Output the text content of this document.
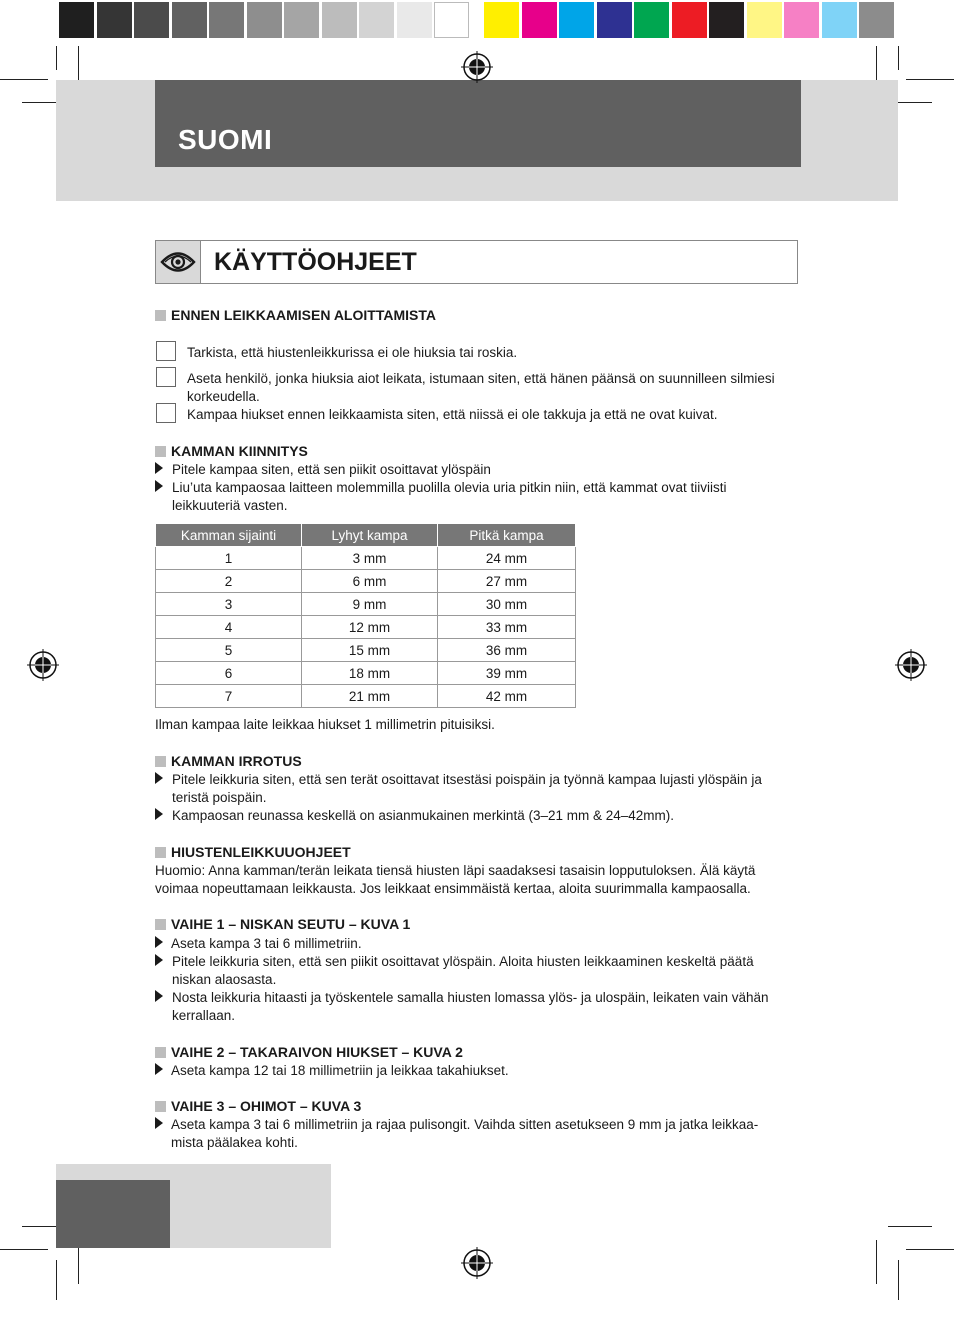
SUOMI
KÄYTTÖOHJEET
ENNEN LEIKKAAMISEN ALOITTAMISTA
Tarkista, että hiustenleikkurissa ei ole hiuksia tai roskia.
Aseta henkilö, jonka hiuksia aiot leikata, istumaan siten, että hänen päänsä on suunnilleen silmiesi
korkeudella.
Kampaa hiukset ennen leikkaamista siten, että niissä ei ole takkuja ja että ne ovat kuivat.
KAMMAN KIINNITYS
Pitele kampaa siten, että sen piikit osoittavat ylöspäin
Liu’uta kampaosaa laitteen molemmilla puolilla olevia uria pitkin niin, että kammat ovat tiiviisti
leikkuuteriä vasten.
Kamman sijainti	Lyhyt kampa	Pitkä kampa
1	3 mm	24 mm
2	6 mm	27 mm
3	9 mm	30 mm
4	12 mm	33 mm
5	15 mm	36 mm
6	18 mm	39 mm
7	21 mm	42 mm
Ilman kampaa laite leikkaa hiukset 1 millimetrin pituisiksi.
KAMMAN IRROTUS
Pitele leikkuria siten, että sen terät osoittavat itsestäsi poispäin ja työnnä kampaa lujasti ylöspäin ja
teristä poispäin.
Kampaosan reunassa keskellä on asianmukainen merkintä (3–21 mm & 24–42mm).
HIUSTENLEIKKUUOHJEET
Huomio: Anna kamman/terän leikata tiensä hiusten läpi saadaksesi tasaisin lopputuloksen. Älä käytä
voimaa nopeuttamaan leikkausta. Jos leikkaat ensimmäistä kertaa, aloita suurimmalla kampaosalla.
VAIHE 1 – NISKAN SEUTU – KUVA 1
Aseta kampa 3 tai 6 millimetriin.
Pitele leikkuria siten, että sen piikit osoittavat ylöspäin. Aloita hiusten leikkaaminen keskeltä päätä
niskan alaosasta.
Nosta leikkuria hitaasti ja työskentele samalla hiusten lomassa ylös- ja ulospäin, leikaten vain vähän
kerrallaan.
VAIHE 2 – TAKARAIVON HIUKSET – KUVA 2
Aseta kampa 12 tai 18 millimetriin ja leikkaa takahiukset.
VAIHE 3 – OHIMOT – KUVA 3
Aseta kampa 3 tai 6 millimetriin ja rajaa pulisongit. Vaihda sitten asetukseen 9 mm ja jatka leikkaa-
mista päälakea kohti.
